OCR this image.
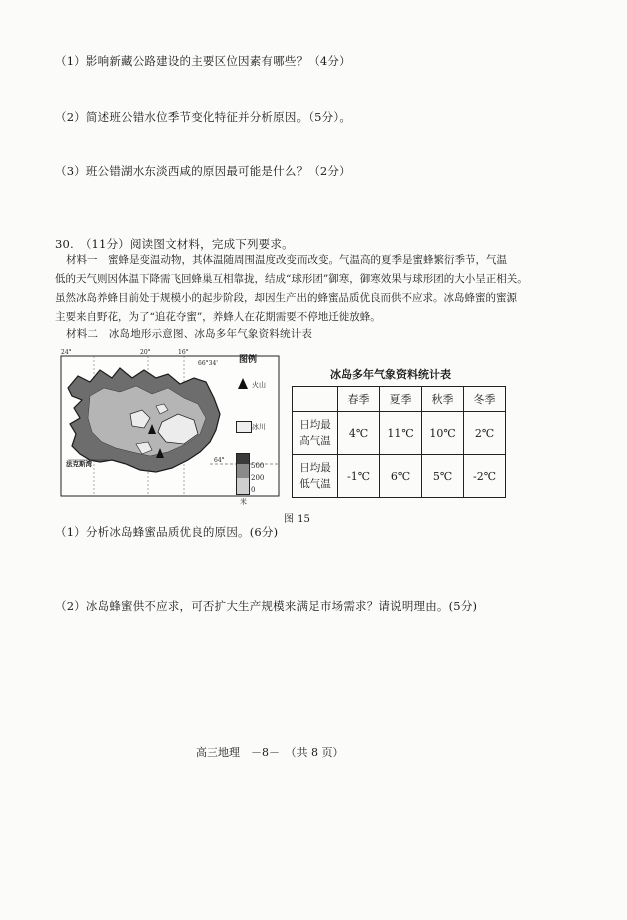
（1）影响新藏公路建设的主要区位因素有哪些？（4分）
（2）简述班公错水位季节变化特征并分析原因。（5分）。
（3）班公错湖水东淡西咸的原因最可能是什么？（2分）
30.　（11分）阅读图文材料，完成下列要求。
材料一　蜜蜂是变温动物，其体温随周围温度改变而改变。气温高的夏季是蜜蜂繁衍季节，气温
低的天气则因体温下降需飞回蜂巢互相靠拢，结成“球形团”御寒，御寒效果与球形团的大小呈正相关。
虽然冰岛养蜂目前处于规模小的起步阶段，却因生产出的蜂蜜品质优良而供不应求。冰岛蜂蜜的蜜源
主要来自野花，为了“追花夺蜜”，养蜂人在花期需要不停地迁徙放蜂。
材料二　冰岛地形示意图、冰岛多年气象资料统计表
24°	20°	16°
66°34'
64°
法克斯湾
图例
火山
冰川
500
200
0
米
冰岛多年气象资料统计表
	春季	夏季	秋季	冬季

日均最
高气温	4℃	11℃	10℃	2℃

日均最
低气温	-1℃	6℃	5℃	-2℃
图 15
（1）分析冰岛蜂蜜品质优良的原因。(6分)
（2）冰岛蜂蜜供不应求，可否扩大生产规模来满足市场需求？请说明理由。(5分)
高三地理　－8－　（共 8 页）
